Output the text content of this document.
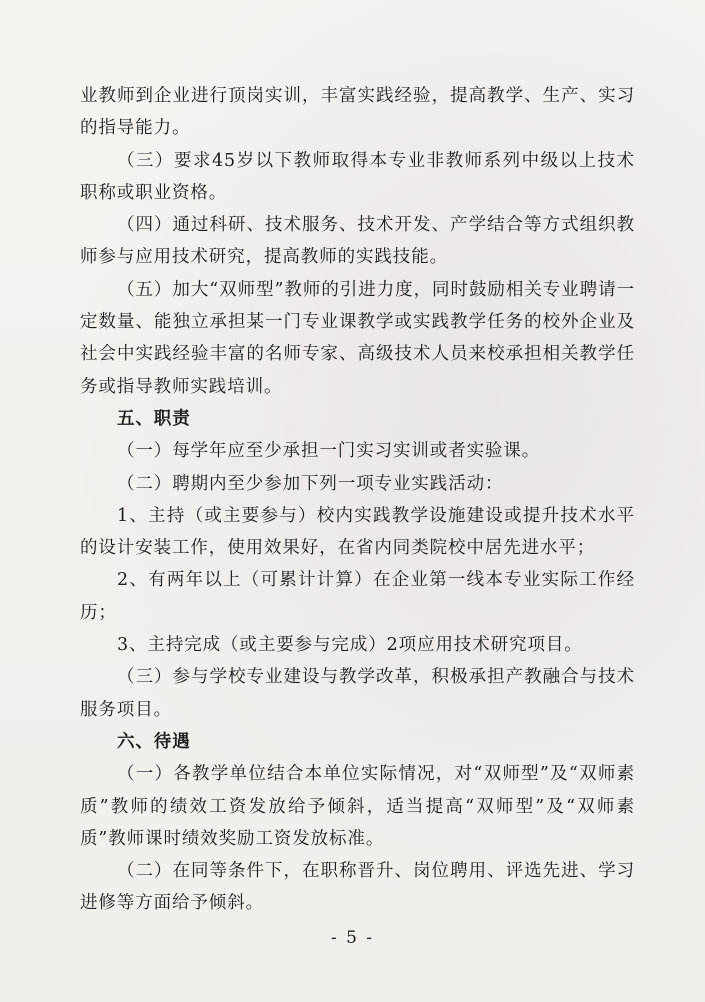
业教师到企业进行顶岗实训，丰富实践经验，提高教学、生产、实习的指导能力。

（三）要求45岁以下教师取得本专业非教师系列中级以上技术职称或职业资格。

（四）通过科研、技术服务、技术开发、产学结合等方式组织教师参与应用技术研究，提高教师的实践技能。

（五）加大“双师型”教师的引进力度，同时鼓励相关专业聘请一定数量、能独立承担某一门专业课教学或实践教学任务的校外企业及社会中实践经验丰富的名师专家、高级技术人员来校承担相关教学任务或指导教师实践培训。

五、职责

（一）每学年应至少承担一门实习实训或者实验课。

（二）聘期内至少参加下列一项专业实践活动：

1、主持（或主要参与）校内实践教学设施建设或提升技术水平的设计安装工作，使用效果好，在省内同类院校中居先进水平；

2、有两年以上（可累计计算）在企业第一线本专业实际工作经历；

3、主持完成（或主要参与完成）2项应用技术研究项目。

（三）参与学校专业建设与教学改革，积极承担产教融合与技术服务项目。

六、待遇

（一）各教学单位结合本单位实际情况，对“双师型”及“双师素质”教师的绩效工资发放给予倾斜，适当提高“双师型”及“双师素质”教师课时绩效奖励工资发放标准。

（二）在同等条件下，在职称晋升、岗位聘用、评选先进、学习进修等方面给予倾斜。

- 5 -
